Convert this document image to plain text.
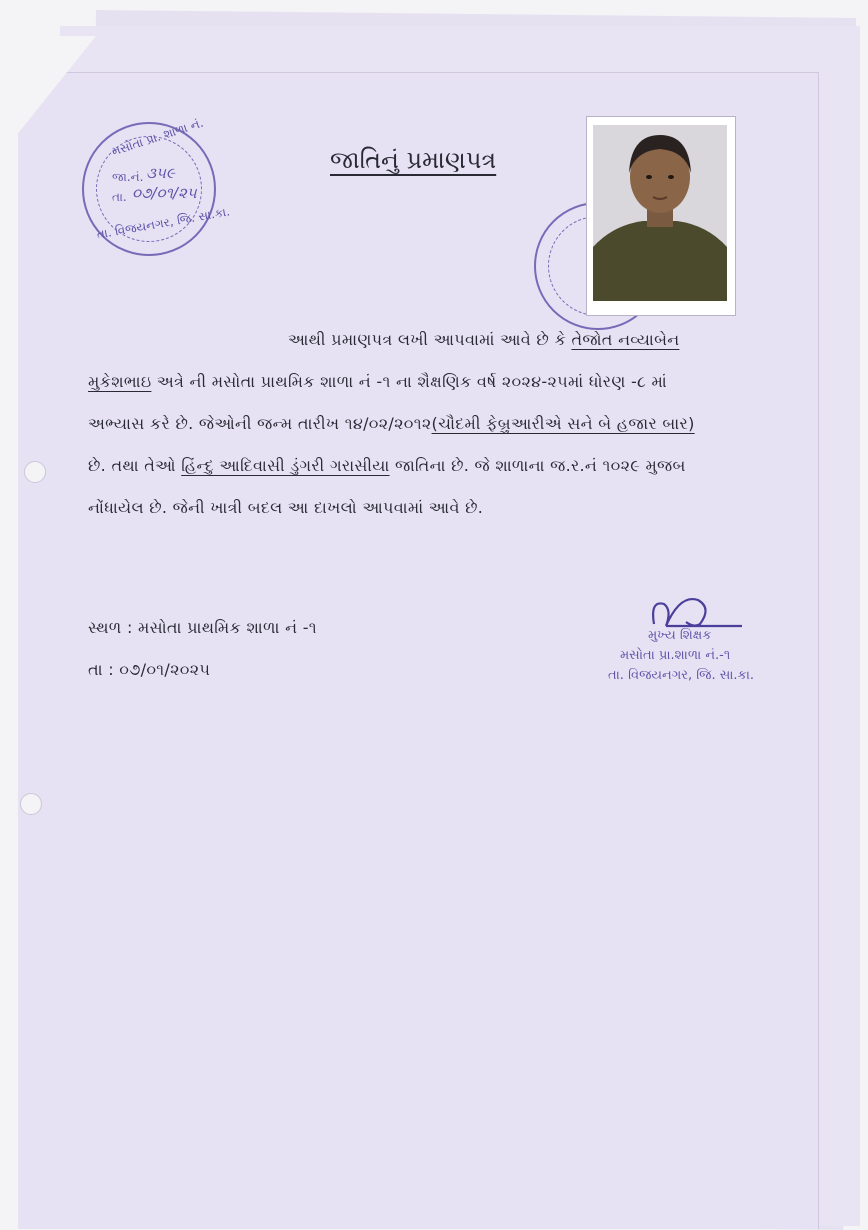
મસોતા પ્રા. શાળા નં.
તા. વિજયનગર, જિ. સા.કા.
જા.નં. ૩૫૯
તા. ૦૭/૦૧/૨૫
જાતિનું પ્રમાણપત્ર
આથી પ્રમાણપત્ર લખી આપવામાં આવે છે કે તેજોત નવ્યાબેન
મુકેશભાઇ અત્રે ની મસોતા પ્રાથમિક શાળા નં -૧ ના શૈક્ષણિક વર્ષ ૨૦૨૪-૨૫માં ધોરણ -૮ માં
અભ્યાસ કરે છે. જેઓની જન્મ તારીખ ૧૪/૦૨/૨૦૧૨(ચૌદમી ફેબ્રુઆરીએ સને બે હજાર બાર)
છે. તથા તેઓ હિંન્દુ આદિવાસી ડુંગરી ગરાસીયા જાતિના છે. જે શાળાના જ.ર.નં ૧૦૨૯ મુજબ
નોંધાયેલ છે. જેની ખાત્રી બદલ આ દાખલો આપવામાં આવે છે.
સ્થળ : મસોતા પ્રાથમિક શાળા નં -૧
તા : ૦૭/૦૧/૨૦૨૫
મુખ્ય શિક્ષક
મસોતા પ્રા.શાળા નં.-૧
તા. વિજયનગર, જિ. સા.કા.
